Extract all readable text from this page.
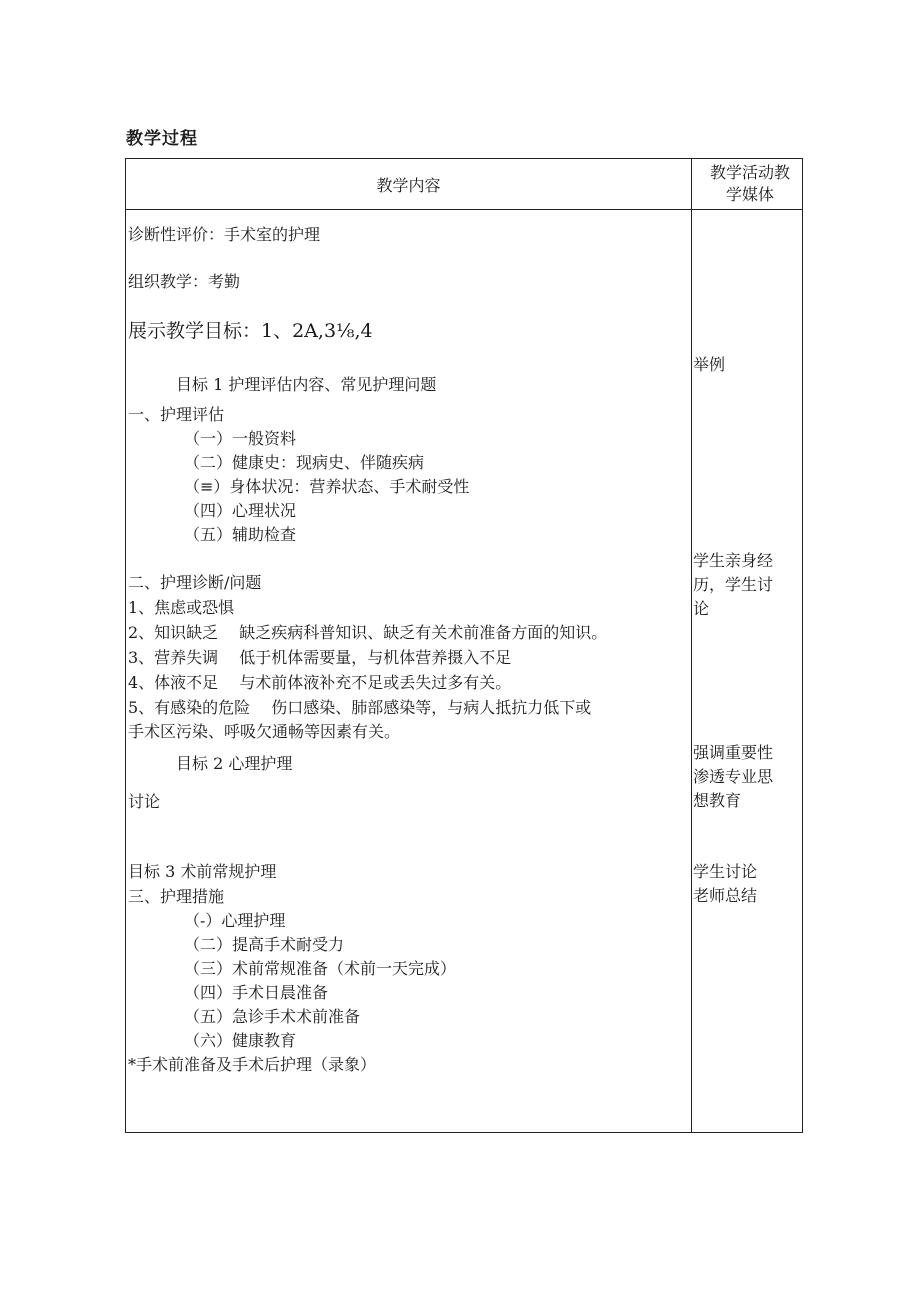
教学过程
教学内容
教学活动教
学媒体
诊断性评价：手术室的护理
组织教学：考勤
展示教学目标：1、2A,3⅛,4
目标 1 护理评估内容、常见护理问题
一、护理评估
（一）一般资料
（二）健康史：现病史、伴随疾病
（≡）身体状况：营养状态、手术耐受性
（四）心理状况
（五）辅助检查
二、护理诊断/问题
1、焦虑或恐惧
2、知识缺乏　 缺乏疾病科普知识、缺乏有关术前准备方面的知识。
3、营养失调　 低于机体需要量，与机体营养摄入不足
4、体液不足　 与术前体液补充不足或丢失过多有关。
5、有感染的危险　 伤口感染、肺部感染等，与病人抵抗力低下或
手术区污染、呼吸欠通畅等因素有关。
目标 2 心理护理
讨论
目标 3 术前常规护理
三、护理措施
（-）心理护理
（二）提高手术耐受力
（三）术前常规准备（术前一天完成）
（四）手术日晨准备
（五）急诊手术术前准备
（六）健康教育
*手术前准备及手术后护理（录象）
举例
学生亲身经
历，学生讨
论
强调重要性
渗透专业思
想教育
学生讨论
老师总结
